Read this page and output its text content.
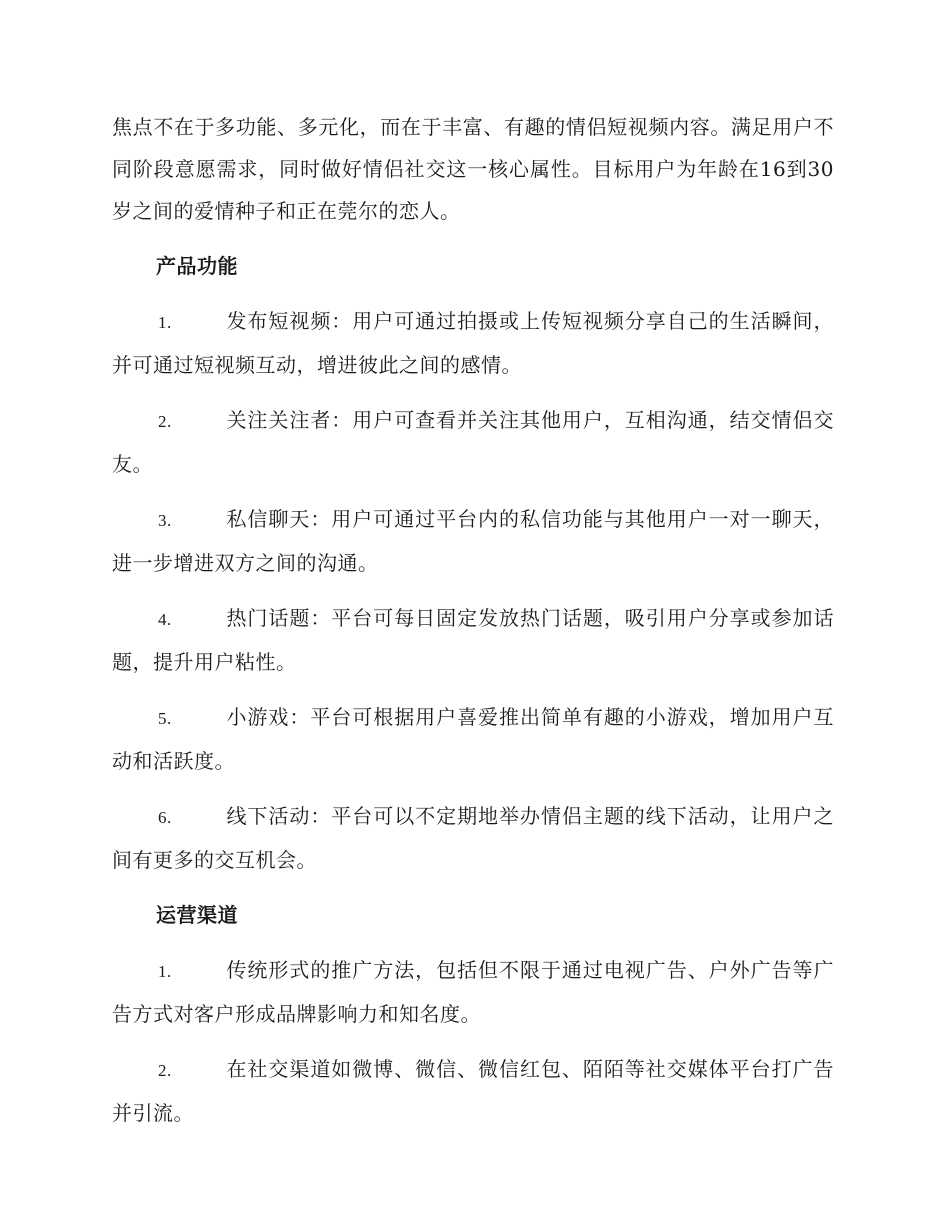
焦点不在于多功能、多元化，而在于丰富、有趣的情侣短视频内容。满足用户不同阶段意愿需求，同时做好情侣社交这一核心属性。目标用户为年龄在16到30岁之间的爱情种子和正在莞尔的恋人。

产品功能

1.	发布短视频：用户可通过拍摄或上传短视频分享自己的生活瞬间，并可通过短视频互动，增进彼此之间的感情。

2.	关注关注者：用户可查看并关注其他用户，互相沟通，结交情侣交友。

3.	私信聊天：用户可通过平台内的私信功能与其他用户一对一聊天，进一步增进双方之间的沟通。

4.	热门话题：平台可每日固定发放热门话题，吸引用户分享或参加话题，提升用户粘性。

5.	小游戏：平台可根据用户喜爱推出简单有趣的小游戏，增加用户互动和活跃度。

6.	线下活动：平台可以不定期地举办情侣主题的线下活动，让用户之间有更多的交互机会。

运营渠道

1.	传统形式的推广方法，包括但不限于通过电视广告、户外广告等广告方式对客户形成品牌影响力和知名度。

2.	在社交渠道如微博、微信、微信红包、陌陌等社交媒体平台打广告并引流。
